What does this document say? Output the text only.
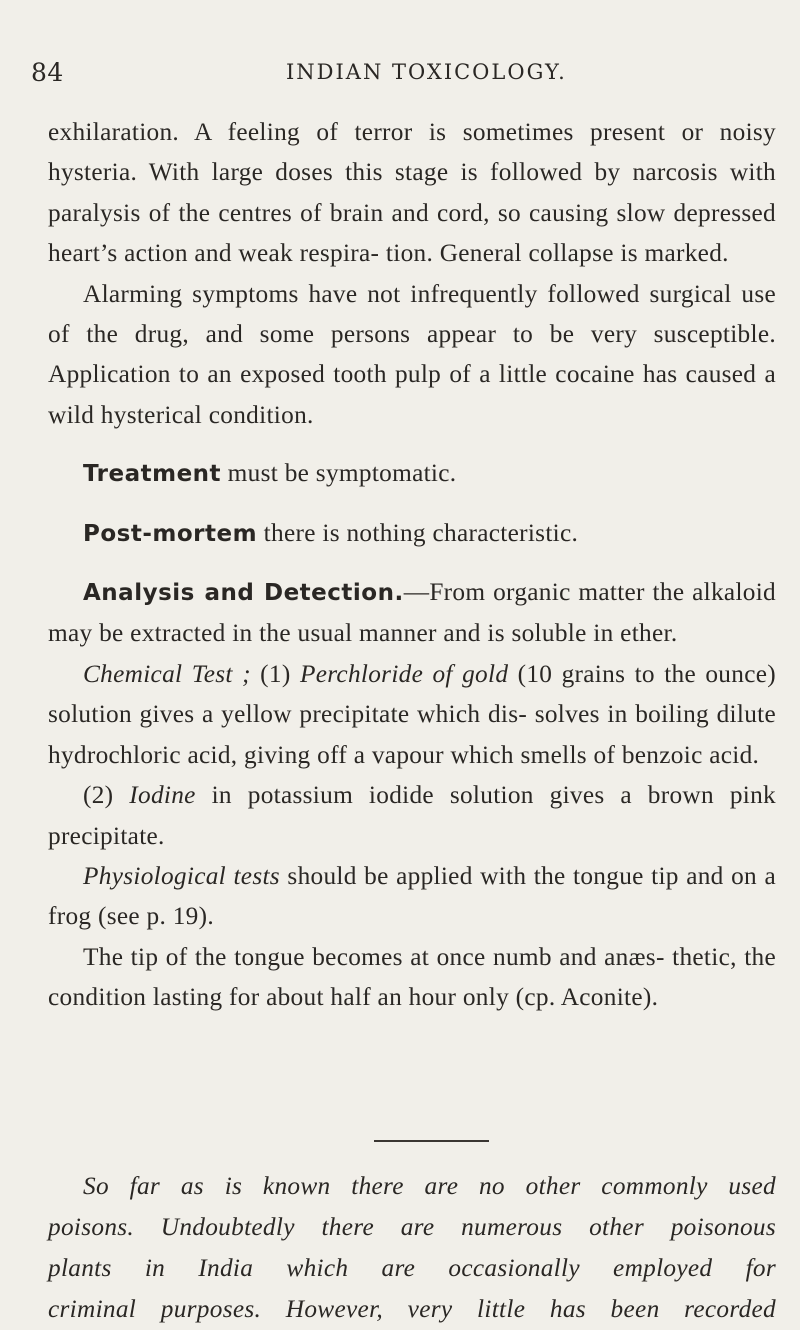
84	INDIAN TOXICOLOGY.

exhilaration. A feeling of terror is sometimes present or noisy hysteria. With large doses this stage is followed by narcosis with paralysis of the centres of brain and cord, so causing slow depressed heart’s action and weak respira- tion. General collapse is marked.

Alarming symptoms have not infrequently followed surgical use of the drug, and some persons appear to be very susceptible. Application to an exposed tooth pulp of a little cocaine has caused a wild hysterical condition.

Treatment must be symptomatic.

Post-mortem there is nothing characteristic.

Analysis and Detection.—From organic matter the alkaloid may be extracted in the usual manner and is soluble in ether.

Chemical Test ; (1) Perchloride of gold (10 grains to the ounce) solution gives a yellow precipitate which dis- solves in boiling dilute hydrochloric acid, giving off a vapour which smells of benzoic acid.

(2) Iodine in potassium iodide solution gives a brown pink precipitate.

Physiological tests should be applied with the tongue tip and on a frog (see p. 19).

The tip of the tongue becomes at once numb and anæs- thetic, the condition lasting for about half an hour only (cp. Aconite).

So far as is known there are no other commonly used

poisons. Undoubtedly there are numerous other poisonous

plants in India which are occasionally employed for

criminal purposes. However, very little has been recorded
